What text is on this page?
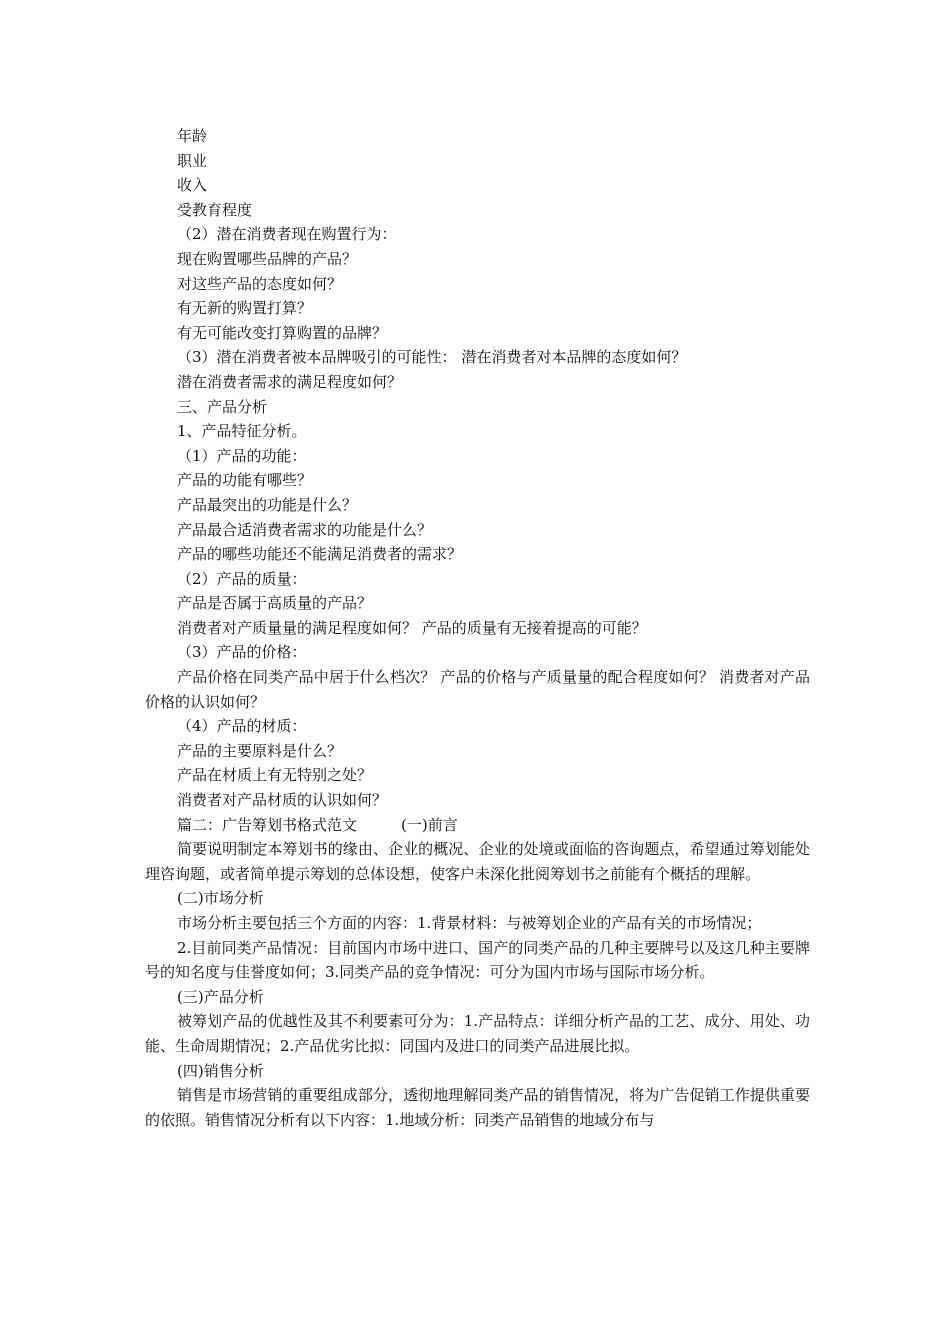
年龄
职业
收入
受教育程度
（2）潜在消费者现在购置行为：
现在购置哪些品牌的产品？
对这些产品的态度如何？
有无新的购置打算？
有无可能改变打算购置的品牌？
（3）潜在消费者被本品牌吸引的可能性： 潜在消费者对本品牌的态度如何？
潜在消费者需求的满足程度如何？
三、产品分析
1、产品特征分析。
（1）产品的功能：
产品的功能有哪些？
产品最突出的功能是什么？
产品最合适消费者需求的功能是什么？
产品的哪些功能还不能满足消费者的需求？
（2）产品的质量：
产品是否属于高质量的产品？
消费者对产质量量的满足程度如何？ 产品的质量有无接着提高的可能？
（3）产品的价格：
产品价格在同类产品中居于什么档次？ 产品的价格与产质量量的配合程度如何？ 消费者对产品价格的认识如何？
（4）产品的材质：
产品的主要原料是什么？
产品在材质上有无特别之处？
消费者对产品材质的认识如何？
篇二：广告筹划书格式范文	(一)前言
简要说明制定本筹划书的缘由、企业的概况、企业的处境或面临的咨询题点，希望通过筹划能处理咨询题，或者简单提示筹划的总体设想，使客户未深化批阅筹划书之前能有个概括的理解。
(二)市场分析
市场分析主要包括三个方面的内容：1.背景材料：与被筹划企业的产品有关的市场情况；
2.目前同类产品情况：目前国内市场中进口、国产的同类产品的几种主要牌号以及这几种主要牌号的知名度与佳誉度如何；3.同类产品的竞争情况：可分为国内市场与国际市场分析。
(三)产品分析
被筹划产品的优越性及其不利要素可分为：1.产品特点：详细分析产品的工艺、成分、用处、功能、生命周期情况；2.产品优劣比拟：同国内及进口的同类产品进展比拟。
(四)销售分析
销售是市场营销的重要组成部分，透彻地理解同类产品的销售情况，将为广告促销工作提供重要的依照。销售情况分析有以下内容：1.地域分析：同类产品销售的地域分布与
